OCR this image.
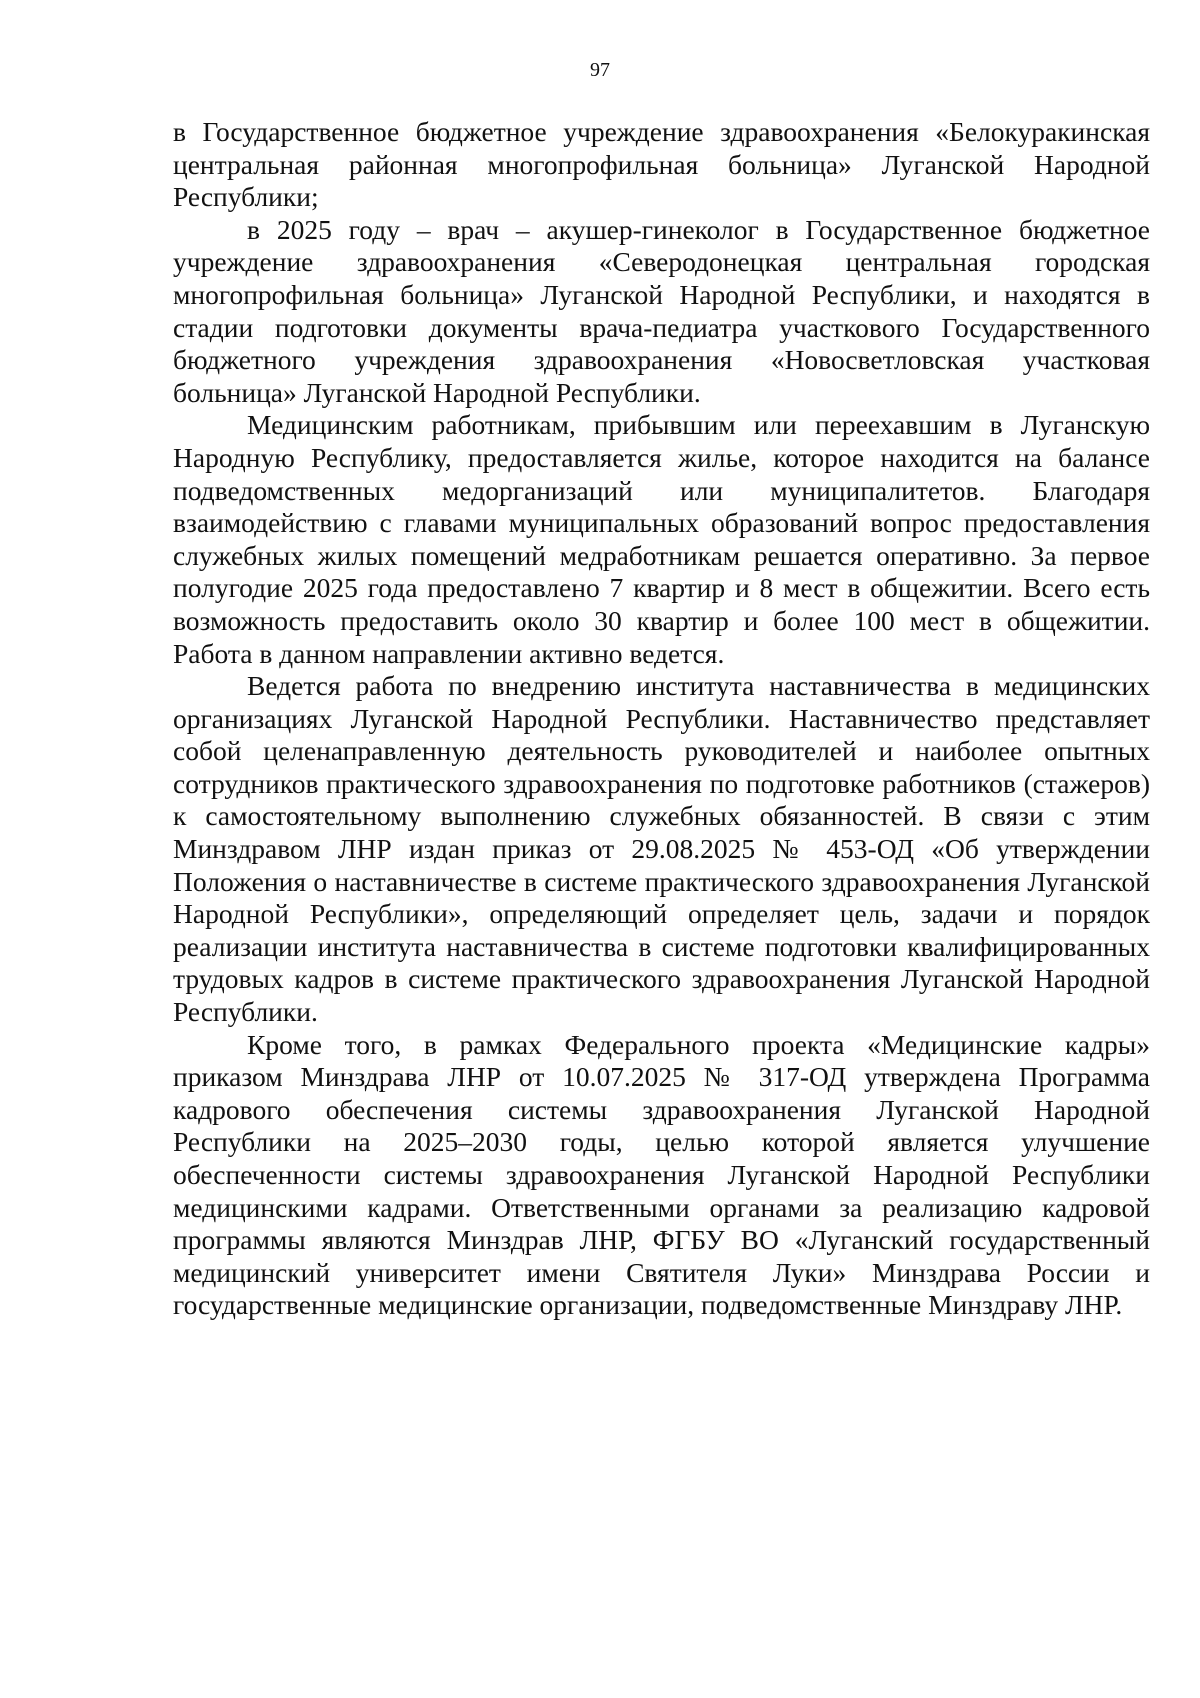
97

в Государственное бюджетное учреждение здравоохранения «Белокуракинская центральная районная многопрофильная больница» Луганской Народной Республики;

в 2025 году – врач – акушер-гинеколог в Государственное бюджетное учреждение здравоохранения «Северодонецкая центральная городская многопрофильная больница» Луганской Народной Республики, и находятся в стадии подготовки документы врача-педиатра участкового Государственного бюджетного учреждения здравоохранения «Новосветловская участковая больница» Луганской Народной Республики.

Медицинским работникам, прибывшим или переехавшим в Луганскую Народную Республику, предоставляется жилье, которое находится на балансе подведомственных медорганизаций или муниципалитетов. Благодаря взаимодействию с главами муниципальных образований вопрос предоставления служебных жилых помещений медработникам решается оперативно. За первое полугодие 2025 года предоставлено 7 квартир и 8 мест в общежитии. Всего есть возможность предоставить около 30 квартир и более 100 мест в общежитии. Работа в данном направлении активно ведется.

Ведется работа по внедрению института наставничества в медицинских организациях Луганской Народной Республики. Наставничество представляет собой целенаправленную деятельность руководителей и наиболее опытных сотрудников практического здравоохранения по подготовке работников (стажеров) к самостоятельному выполнению служебных обязанностей. В связи с этим Минздравом ЛНР издан приказ от 29.08.2025 № 453-ОД «Об утверждении Положения о наставничестве в системе практического здравоохранения Луганской Народной Республики», определяющий определяет цель, задачи и порядок реализации института наставничества в системе подготовки квалифицированных трудовых кадров в системе практического здравоохранения Луганской Народной Республики.

Кроме того, в рамках Федерального проекта «Медицинские кадры» приказом Минздрава ЛНР от 10.07.2025 № 317-ОД утверждена Программа кадрового обеспечения системы здравоохранения Луганской Народной Республики на 2025–2030 годы, целью которой является улучшение обеспеченности системы здравоохранения Луганской Народной Республики медицинскими кадрами. Ответственными органами за реализацию кадровой программы являются Минздрав ЛНР, ФГБУ ВО «Луганский государственный медицинский университет имени Святителя Луки» Минздрава России и государственные медицинские организации, подведомственные Минздраву ЛНР.
